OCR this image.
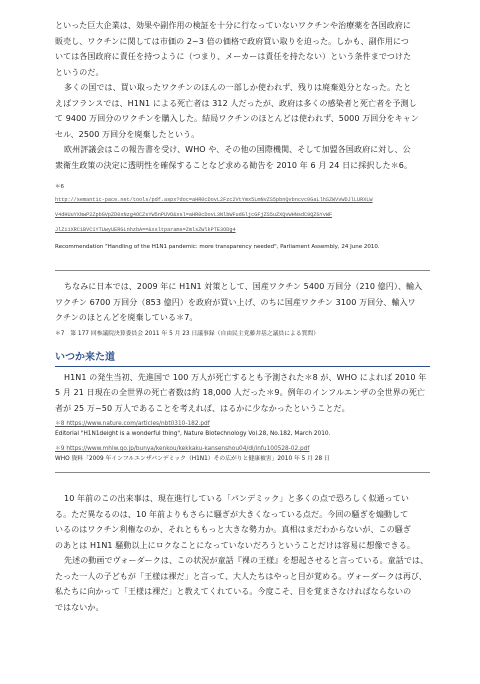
といった巨大企業は、効果や副作用の検証を十分に行なっていないワクチンや治療薬を各国政府に

販売し、ワクチンに関しては市価の 2~3 倍の価格で政府買い取りを迫った。しかも、副作用につ

いては各国政府に責任を持つように（つまり、メーカーは責任を持たない）という条件までつけた

というのだ。

多くの国では、買い取ったワクチンのほんの一部しか使われず、残りは廃棄処分となった。たと

えばフランスでは、H1N1 による死亡者は 312 人だったが、政府は多くの感染者と死亡者を予測し

て 9400 万回分のワクチンを購入した。結局ワクチンのほとんどは使われず、5000 万回分をキャン

セル、2500 万回分を廃棄したという。

欧州評議会はこの報告書を受け、WHO や、その他の国際機関、そして加盟各国政府に対し、公

衆衛生政策の決定に透明性を確保することなど求める勧告を 2010 年 6 月 24 日に採択した＊6。

＊6
http://semantic-pace.net/tools/pdf.aspx?doc=aHR0cDovL2Fzc2VtYmx5LmNvZS5pbnQvbncvc0GaLlhSZWVvWDJlLURXLW
V4dHUuYXNwP2ZpbGVpZD0xNzg4OCZsYW5nPUVO&xsl=aHR0cDovL3NlbWFudGljcGFjZS5uZXQvWHNsdC9QZGYvWF
JlZi1XRC1BVC1YTUwyUERGLnhzbA==&xsltparams=ZmlsZWlkPTE3ODg4
Recommendation "Handling of the H1N1 pandemic: more transparency needed", Parliament Assembly, 24 June 2010.

ちなみに日本では、2009 年に H1N1 対策として、国産ワクチン 5400 万回分（210 億円）、輸入

ワクチン 6700 万回分（853 億円）を政府が買い上げ、のちに国産ワクチン 3100 万回分、輸入ワ

クチンのほとんどを廃棄している＊7。

＊7　第 177 回参議院決算委員会 2011 年 5 月 23 日議事録（自由民主党藤井基之議員による質問）
いつか来た道

H1N1 の発生当初、先進国で 100 万人が死亡するとも予測された＊8 が、WHO によれば 2010 年

5 月 21 日現在の全世界の死亡者数は約 18,000 人だった＊9。例年のインフルエンザの全世界の死亡

者が 25 万~50 万人であることを考えれば、はるかに少なかったということだ。

＊8 https://www.nature.com/articles/nbt0310-182.pdf
Editorial "H1N1deight is a wonderful thing", Nature Biotechnology Vol.28, No.182, March 2010.
＊9 https://www.mhlw.go.jp/bunya/kenkou/kekkaku-kansenshou04/dl/infu100528-02.pdf
WHO 資料「2009 年インフルエンザパンデミック（H1N1）その広がりと健康被害」2010 年 5 月 28 日

10 年前のこの出来事は、現在進行している「パンデミック」と多くの点で恐ろしく似通ってい

る。ただ異なるのは、10 年前よりもさらに騒ぎが大きくなっている点だ。今回の騒ぎを煽動して

いるのはワクチン利権なのか、それとももっと大きな勢力か。真相はまだわからないが、この騒ぎ

のあとは H1N1 騒動以上にロクなことになっていないだろうということだけは容易に想像できる。

先述の動画でヴォーダークは、この状況が童話『裸の王様』を想起させると言っている。童話では、

たった一人の子どもが「王様は裸だ」と言って、大人たちはやっと目が覚める。ヴォーダークは再び、

私たちに向かって「王様は裸だ」と教えてくれている。今度こそ、目を覚まさなければならないの

ではないか。
